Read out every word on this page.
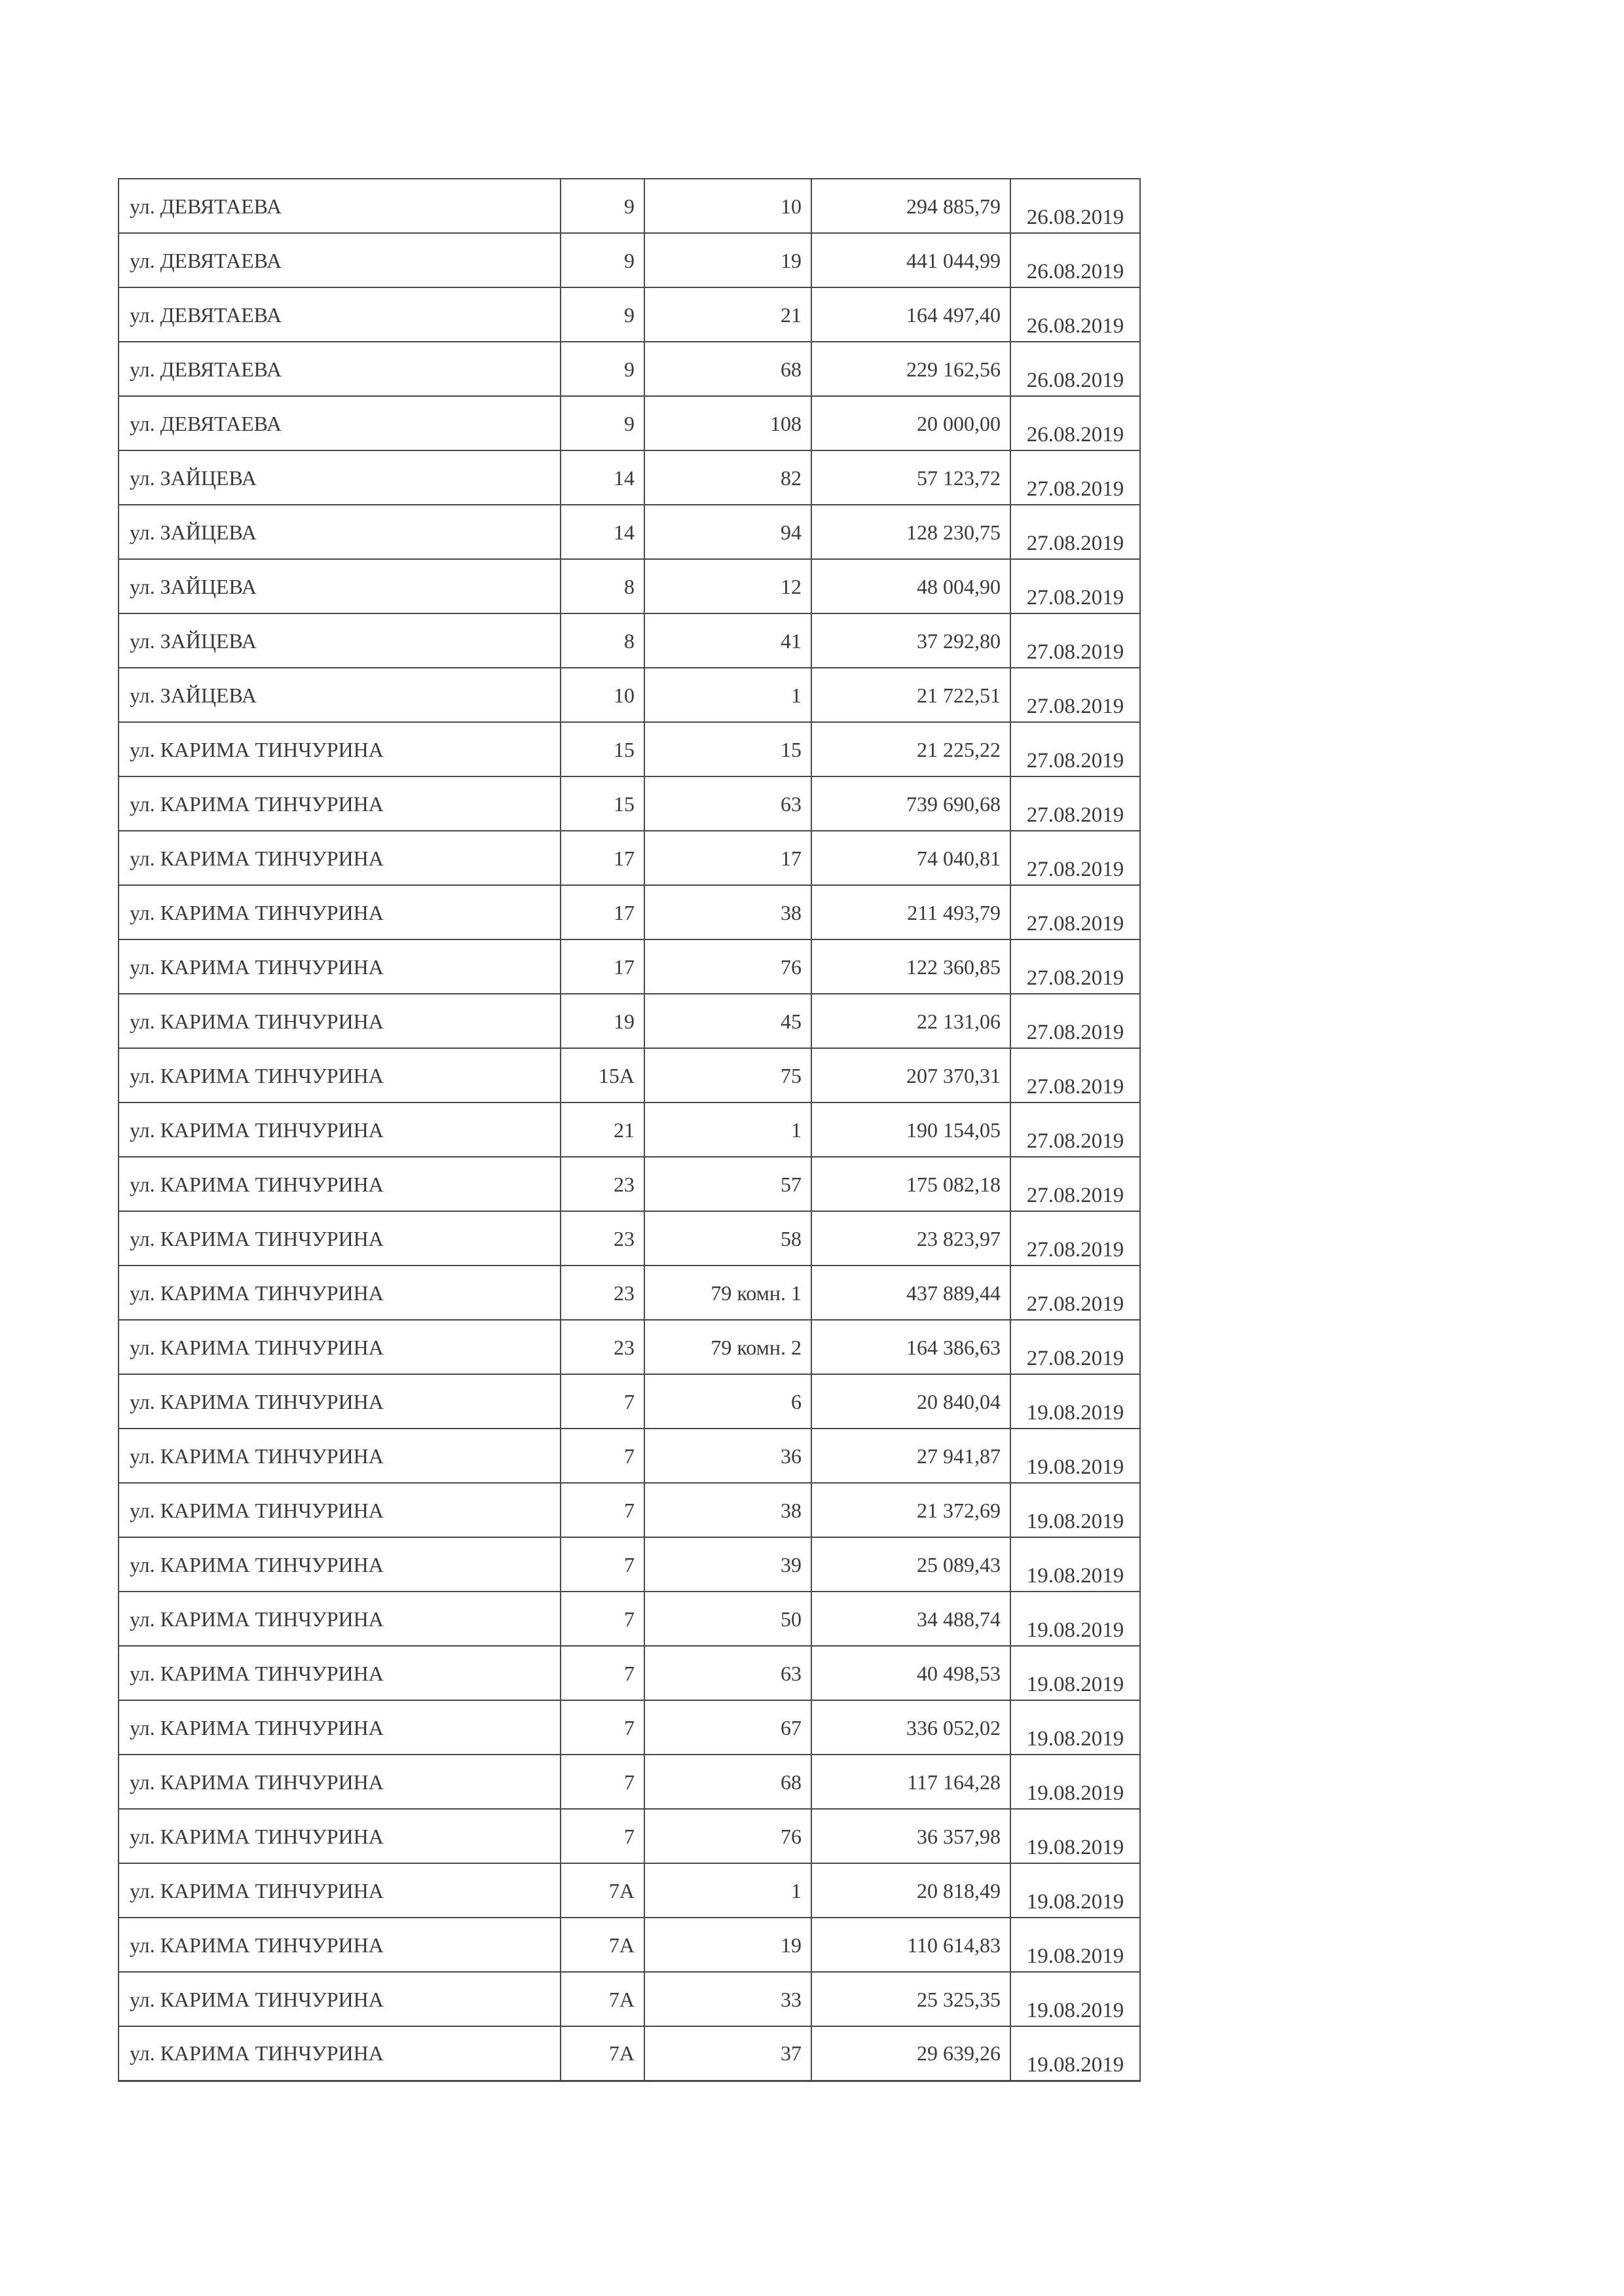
ул. ДЕВЯТАЕВА	9	10	294 885,79	26.08.2019
ул. ДЕВЯТАЕВА	9	19	441 044,99	26.08.2019
ул. ДЕВЯТАЕВА	9	21	164 497,40	26.08.2019
ул. ДЕВЯТАЕВА	9	68	229 162,56	26.08.2019
ул. ДЕВЯТАЕВА	9	108	20 000,00	26.08.2019
ул. ЗАЙЦЕВА	14	82	57 123,72	27.08.2019
ул. ЗАЙЦЕВА	14	94	128 230,75	27.08.2019
ул. ЗАЙЦЕВА	8	12	48 004,90	27.08.2019
ул. ЗАЙЦЕВА	8	41	37 292,80	27.08.2019
ул. ЗАЙЦЕВА	10	1	21 722,51	27.08.2019
ул. КАРИМА ТИНЧУРИНА	15	15	21 225,22	27.08.2019
ул. КАРИМА ТИНЧУРИНА	15	63	739 690,68	27.08.2019
ул. КАРИМА ТИНЧУРИНА	17	17	74 040,81	27.08.2019
ул. КАРИМА ТИНЧУРИНА	17	38	211 493,79	27.08.2019
ул. КАРИМА ТИНЧУРИНА	17	76	122 360,85	27.08.2019
ул. КАРИМА ТИНЧУРИНА	19	45	22 131,06	27.08.2019
ул. КАРИМА ТИНЧУРИНА	15А	75	207 370,31	27.08.2019
ул. КАРИМА ТИНЧУРИНА	21	1	190 154,05	27.08.2019
ул. КАРИМА ТИНЧУРИНА	23	57	175 082,18	27.08.2019
ул. КАРИМА ТИНЧУРИНА	23	58	23 823,97	27.08.2019
ул. КАРИМА ТИНЧУРИНА	23	79 комн. 1	437 889,44	27.08.2019
ул. КАРИМА ТИНЧУРИНА	23	79 комн. 2	164 386,63	27.08.2019
ул. КАРИМА ТИНЧУРИНА	7	6	20 840,04	19.08.2019
ул. КАРИМА ТИНЧУРИНА	7	36	27 941,87	19.08.2019
ул. КАРИМА ТИНЧУРИНА	7	38	21 372,69	19.08.2019
ул. КАРИМА ТИНЧУРИНА	7	39	25 089,43	19.08.2019
ул. КАРИМА ТИНЧУРИНА	7	50	34 488,74	19.08.2019
ул. КАРИМА ТИНЧУРИНА	7	63	40 498,53	19.08.2019
ул. КАРИМА ТИНЧУРИНА	7	67	336 052,02	19.08.2019
ул. КАРИМА ТИНЧУРИНА	7	68	117 164,28	19.08.2019
ул. КАРИМА ТИНЧУРИНА	7	76	36 357,98	19.08.2019
ул. КАРИМА ТИНЧУРИНА	7А	1	20 818,49	19.08.2019
ул. КАРИМА ТИНЧУРИНА	7А	19	110 614,83	19.08.2019
ул. КАРИМА ТИНЧУРИНА	7А	33	25 325,35	19.08.2019
ул. КАРИМА ТИНЧУРИНА	7А	37	29 639,26	19.08.2019
